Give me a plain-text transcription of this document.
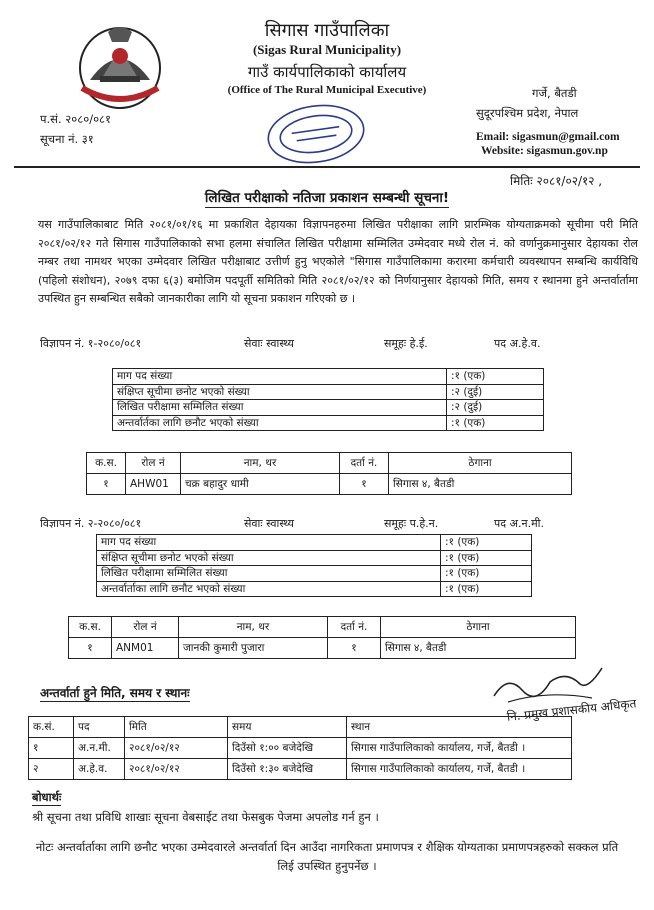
सिगास गाउँपालिका
(Sigas Rural Municipality)
गाउँ कार्यपालिकाको कार्यालय
(Office of The Rural Municipal Executive)	गर्जे, बैतडी
सुदूरपश्चिम प्रदेश, नेपाल
Email: sigasmun@gmail.com
Website: sigasmun.gov.np
प.सं. २०८०/०८१
सूचना नं. ३१
मितिः २०८१/०२/१२ ,
लिखित परीक्षाको नतिजा प्रकाशन सम्बन्धी सूचना!
यस गाउँपालिकाबाट मिति २०८१/०१/१६ मा प्रकाशित देहायका विज्ञापनहरुमा लिखित परीक्षाका लागि प्रारम्भिक योग्यताक्रमको सूचीमा परी मिति २०८१/०२/१२ गते सिगास गाउँपालिकाको सभा हलमा संचालित लिखित परीक्षामा सम्मिलित उम्मेदवार मध्ये रोल नं. को वर्णानुक्रमानुसार देहायका रोल नम्बर तथा नामथर भएका उम्मेदवार लिखित परीक्षाबाट उत्तीर्ण हुनु भएकोले "सिगास गाउँपालिकामा करारमा कर्मचारी व्यवस्थापन सम्बन्धि कार्यविधि (पहिलो संशोधन), २०७९ दफा ६(३) बमोजिम पदपूर्ती समितिको मिति २०८१/०२/१२ को निर्णयानुसार देहायको मिति, समय र स्थानमा हुने अन्तर्वार्तामा उपस्थित हुन सम्बन्धित सबैको जानकारीका लागि यो सूचना प्रकाशन गरिएको छ ।
विज्ञापन नं. १-२०८०/०८१	सेवाः स्वास्थ्य	समूहः हे.ई.	पद अ.हे.व.
माग पद संख्या	:१ (एक)
संक्षिप्त सूचीमा छनोट भएको संख्या	:२ (दुई)
लिखित परीक्षामा सम्मिलित संख्या	:२ (दुई)
अन्तर्वार्तका लागि छनौट भएको संख्या	:१ (एक)
क.स.	रोल नं	नाम, थर	दर्ता नं.	ठेगाना
१	AHW01	चक्र बहादुर धामी	१	सिगास ४, बैतडी
विज्ञापन नं. २-२०८०/०८१	सेवाः स्वास्थ्य	समूहः प.हे.न.	पद अ.न.मी.
माग पद संख्या	:१ (एक)
संक्षिप्त सूचीमा छनोट भएको संख्या	:१ (एक)
लिखित परीक्षामा सम्मिलित संख्या	:१ (एक)
अन्तर्वार्ताका लागि छनौट भएको संख्या	:१ (एक)
क.स.	रोल नं	नाम, थर	दर्ता नं.	ठेगाना
१	ANM01	जानकी कुमारी पुजारा	१	सिगास ४, बैतडी
नि. प्रमुख प्रशासकीय अधिकृत
अन्तर्वार्ता हुने मिति, समय र स्थानः
क.सं.	पद	मिति	समय	स्थान
१	अ.न.मी.	२०८१/०२/१२	दिउँसो १:०० बजेदेखि	सिगास गाउँपालिकाको कार्यालय, गर्जे, बैतडी ।
२	अ.हे.व.	२०८१/०२/१२	दिउँसो १:३० बजेदेखि	सिगास गाउँपालिकाको कार्यालय, गर्जे, बैतडी ।
बोधार्थः
श्री सूचना तथा प्रविधि शाखाः सूचना वेबसाईट तथा फेसबुक पेजमा अपलोड गर्न हुन ।
नोटः अन्तर्वार्ताका लागि छनौट भएका उम्मेदवारले अन्तर्वार्ता दिन आउँदा नागरिकता प्रमाणपत्र र शैक्षिक योग्यताका प्रमाणपत्रहरुको सक्कल प्रति लिई उपस्थित हुनुपर्नेछ ।
